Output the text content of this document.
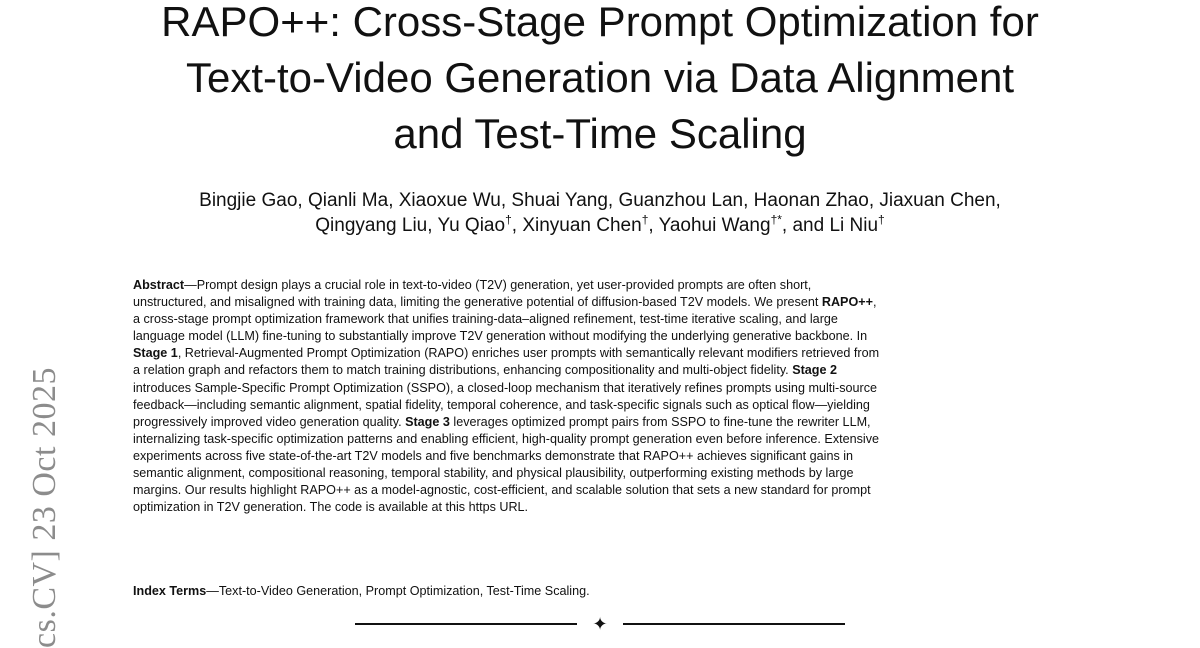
cs.CV] 23 Oct 2025
RAPO++: Cross-Stage Prompt Optimization for
Text-to-Video Generation via Data Alignment
and Test-Time Scaling
Bingjie Gao, Qianli Ma, Xiaoxue Wu, Shuai Yang, Guanzhou Lan, Haonan Zhao, Jiaxuan Chen,
Qingyang Liu, Yu Qiao†, Xinyuan Chen†, Yaohui Wang†*, and Li Niu†
Abstract—Prompt design plays a crucial role in text-to-video (T2V) generation, yet user-provided prompts are often short,
unstructured, and misaligned with training data, limiting the generative potential of diffusion-based T2V models. We present RAPO++,
a cross-stage prompt optimization framework that unifies training-data–aligned refinement, test-time iterative scaling, and large
language model (LLM) fine-tuning to substantially improve T2V generation without modifying the underlying generative backbone. In
Stage 1, Retrieval-Augmented Prompt Optimization (RAPO) enriches user prompts with semantically relevant modifiers retrieved from
a relation graph and refactors them to match training distributions, enhancing compositionality and multi-object fidelity. Stage 2
introduces Sample-Specific Prompt Optimization (SSPO), a closed-loop mechanism that iteratively refines prompts using multi-source
feedback—including semantic alignment, spatial fidelity, temporal coherence, and task-specific signals such as optical flow—yielding
progressively improved video generation quality. Stage 3 leverages optimized prompt pairs from SSPO to fine-tune the rewriter LLM,
internalizing task-specific optimization patterns and enabling efficient, high-quality prompt generation even before inference. Extensive
experiments across five state-of-the-art T2V models and five benchmarks demonstrate that RAPO++ achieves significant gains in
semantic alignment, compositional reasoning, temporal stability, and physical plausibility, outperforming existing methods by large
margins. Our results highlight RAPO++ as a model-agnostic, cost-efficient, and scalable solution that sets a new standard for prompt
optimization in T2V generation. The code is available at this https URL.

Index Terms—Text-to-Video Generation, Prompt Optimization, Test-Time Scaling.

✦
